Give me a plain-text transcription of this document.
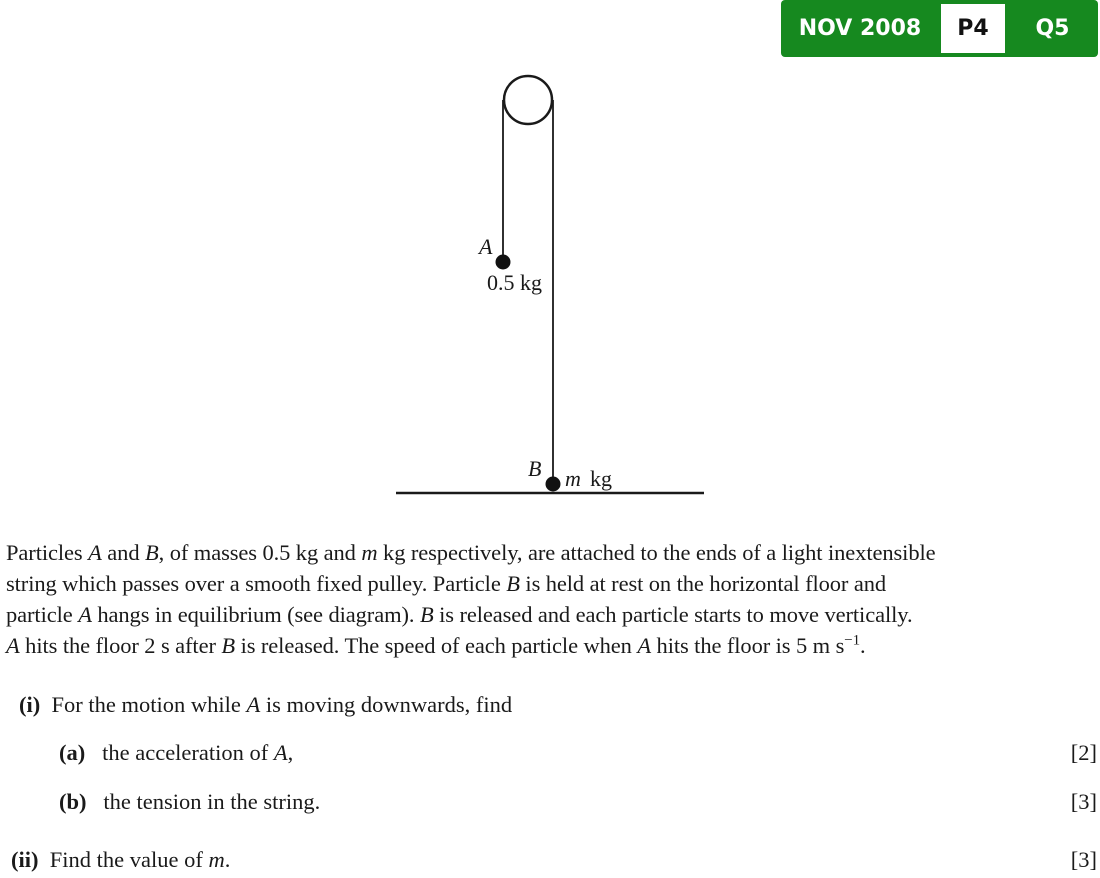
NOV 2008	P4	Q5
A
0.5 kg
B m kg
Particles A and B, of masses 0.5 kg and m kg respectively, are attached to the ends of a light inextensible
string which passes over a smooth fixed pulley. Particle B is held at rest on the horizontal floor and
particle A hangs in equilibrium (see diagram). B is released and each particle starts to move vertically.
A hits the floor 2 s after B is released. The speed of each particle when A hits the floor is 5 m $s^{-1}$.
(i) For the motion while A is moving downwards, find
(a) the acceleration of A,	[2]
(b) the tension in the string.	[3]
(ii) Find the value of m.	[3]
